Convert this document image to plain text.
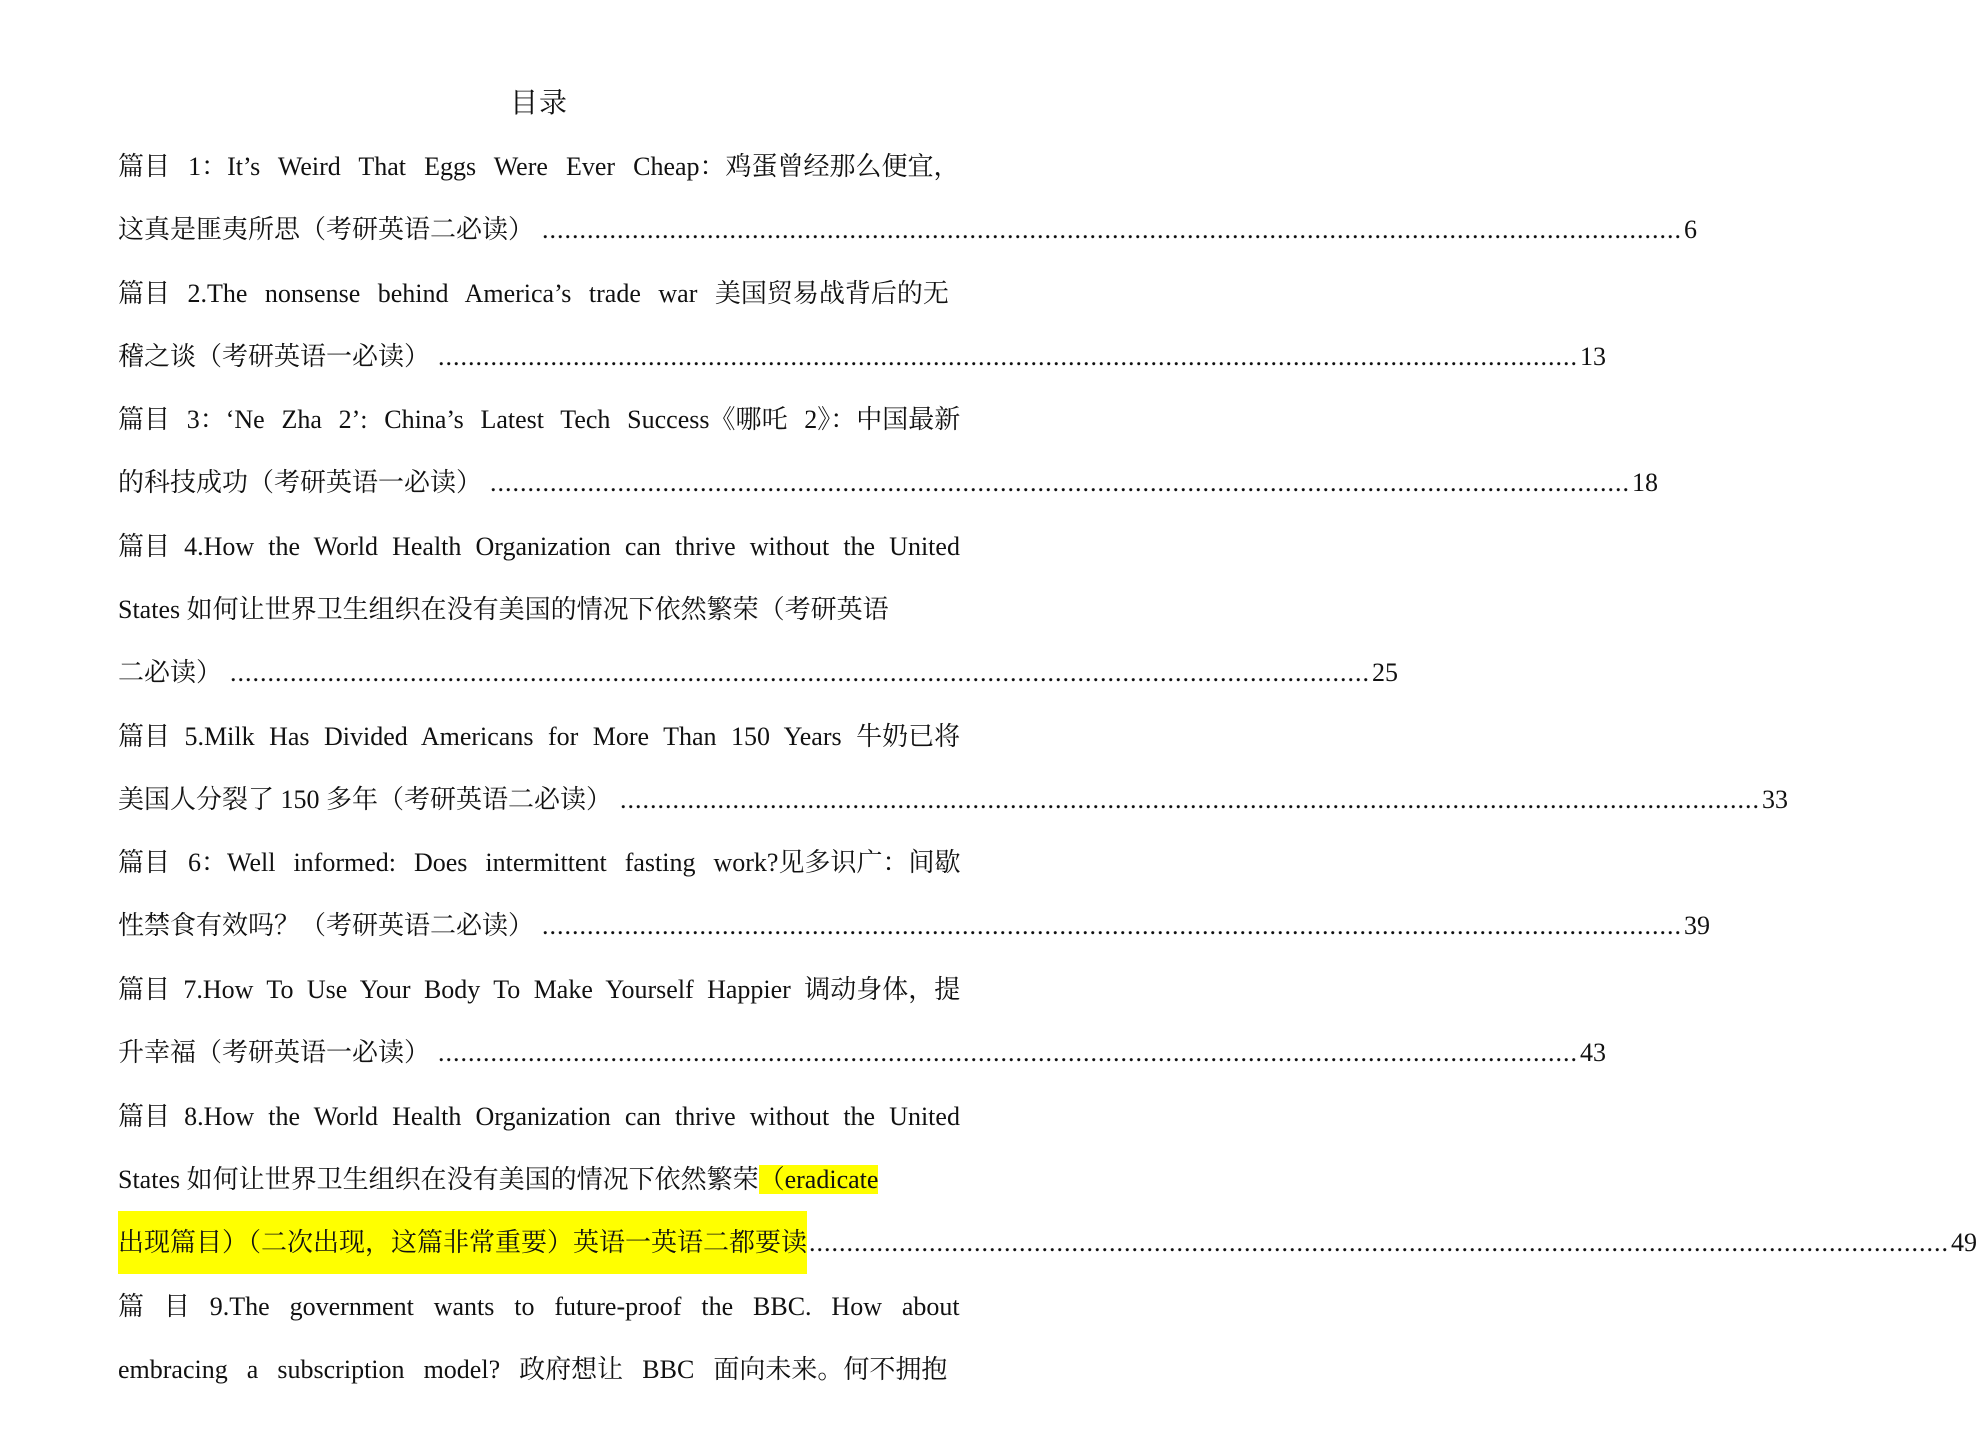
目录
篇目 1：It’s Weird That Eggs Were Ever Cheap：鸡蛋曾经那么便宜，
这真是匪夷所思（考研英语二必读） ........................................................................................................................................................ 6
篇目 2.The nonsense behind America’s trade war 美国贸易战背后的无
稽之谈（考研英语一必读） ........................................................................................................................................................ 13
篇目 3：‘Ne Zha 2’: China’s Latest Tech Success《哪吒 2》：中国最新
的科技成功（考研英语一必读） ........................................................................................................................................................ 18
篇目 4.How the World Health Organization can thrive without the United
States 如何让世界卫生组织在没有美国的情况下依然繁荣（考研英语
二必读） ........................................................................................................................................................ 25
篇目 5.Milk Has Divided Americans for More Than 150 Years 牛奶已将
美国人分裂了 150 多年（考研英语二必读） ........................................................................................................................................................ 33
篇目 6：Well informed: Does intermittent fasting work?见多识广：间歇
性禁食有效吗？（考研英语二必读） ........................................................................................................................................................ 39
篇目 7.How To Use Your Body To Make Yourself Happier 调动身体，提
升幸福（考研英语一必读） ........................................................................................................................................................ 43
篇目 8.How the World Health Organization can thrive without the United
States 如何让世界卫生组织在没有美国的情况下依然繁荣（eradicate
出现篇目）（二次出现，这篇非常重要）英语一英语二都要读 ........................................................................................................................................................ 49
篇 目 9.The government wants to future-proof the BBC. How about
embracing a subscription model? 政府想让 BBC 面向未来。何不拥抱
